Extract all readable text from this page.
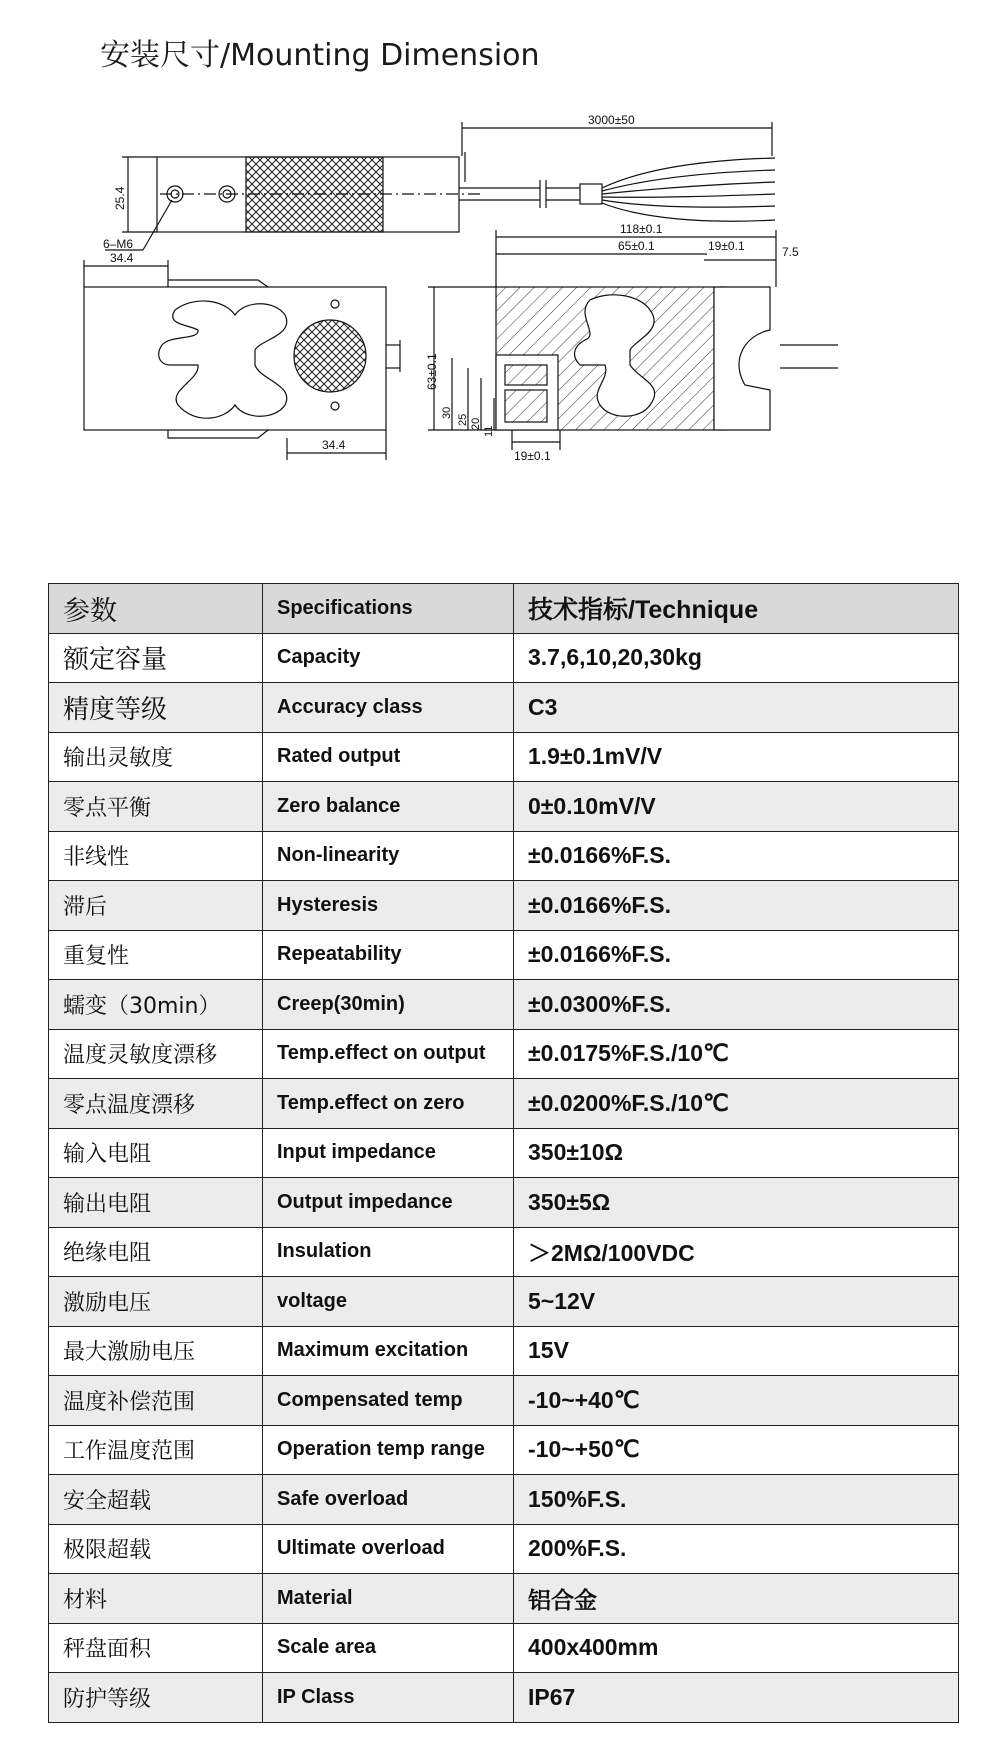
安装尺寸/Mounting Dimension
3000±50
25.4
6–M6
34.4
34.4
118±0.1
65±0.1	19±0.1	7.5
63±0.1
30
25 20
11
19±0.1
参数	Specifications	技术指标/Technique
额定容量	Capacity	3.7,6,10,20,30kg
精度等级	Accuracy class	C3
输出灵敏度	Rated output	1.9±0.1mV/V
零点平衡	Zero balance	0±0.10mV/V
非线性	Non-linearity	±0.0166%F.S.
滞后	Hysteresis	±0.0166%F.S.
重复性	Repeatability	±0.0166%F.S.
蠕变（30min）	Creep(30min)	±0.0300%F.S.
温度灵敏度漂移	Temp.effect on output	±0.0175%F.S./10℃
零点温度漂移	Temp.effect on zero	±0.0200%F.S./10℃
输入电阻	Input impedance	350±10Ω
输出电阻	Output impedance	350±5Ω
绝缘电阻	Insulation	＞2MΩ/100VDC
激励电压	voltage	5~12V
最大激励电压	Maximum excitation	15V
温度补偿范围	Compensated temp	-10~+40℃
工作温度范围	Operation temp range	-10~+50℃
安全超载	Safe overload	150%F.S.
极限超载	Ultimate overload	200%F.S.
材料	Material	铝合金
秤盘面积	Scale area	400x400mm
防护等级	IP Class	IP67
